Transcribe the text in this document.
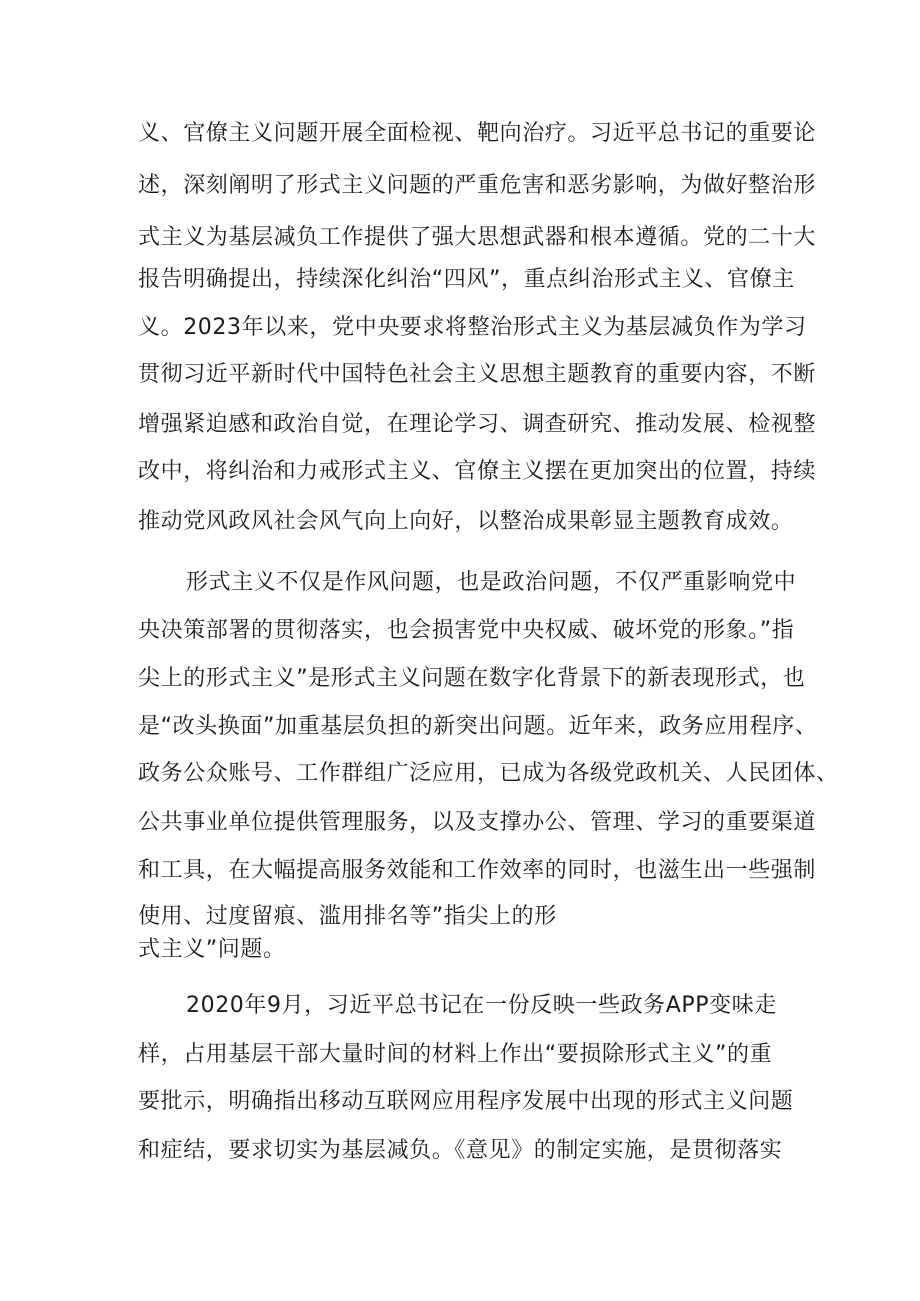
义、官僚主义问题开展全面检视、靶向治疗。习近平总书记的重要论
述，深刻阐明了形式主义问题的严重危害和恶劣影响，为做好整治形
式主义为基层减负工作提供了强大思想武器和根本遵循。党的二十大
报告明确提出，持续深化纠治“四风”，重点纠治形式主义、官僚主
义。2023年以来，党中央要求将整治形式主义为基层减负作为学习
贯彻习近平新时代中国特色社会主义思想主题教育的重要内容，不断
增强紧迫感和政治自觉，在理论学习、调查研究、推动发展、检视整
改中，将纠治和力戒形式主义、官僚主义摆在更加突出的位置，持续
推动党风政风社会风气向上向好，以整治成果彰显主题教育成效。
形式主义不仅是作风问题，也是政治问题，不仅严重影响党中
央决策部署的贯彻落实，也会损害党中央权威、破坏党的形象。”指
尖上的形式主义”是形式主义问题在数字化背景下的新表现形式，也
是“改头换面”加重基层负担的新突出问题。近年来，政务应用程序、
政务公众账号、工作群组广泛应用，已成为各级党政机关、人民团体、
公共事业单位提供管理服务，以及支撑办公、管理、学习的重要渠道
和工具，在大幅提高服务效能和工作效率的同时，也滋生出一些强制
使用、过度留痕、滥用排名等”指尖上的形
式主义”问题。
2020年9月，习近平总书记在一份反映一些政务APP变味走
样，占用基层干部大量时间的材料上作出“要损除形式主义”的重
要批示，明确指出移动互联网应用程序发展中出现的形式主义问题
和症结，要求切实为基层减负。《意见》的制定实施，是贯彻落实
